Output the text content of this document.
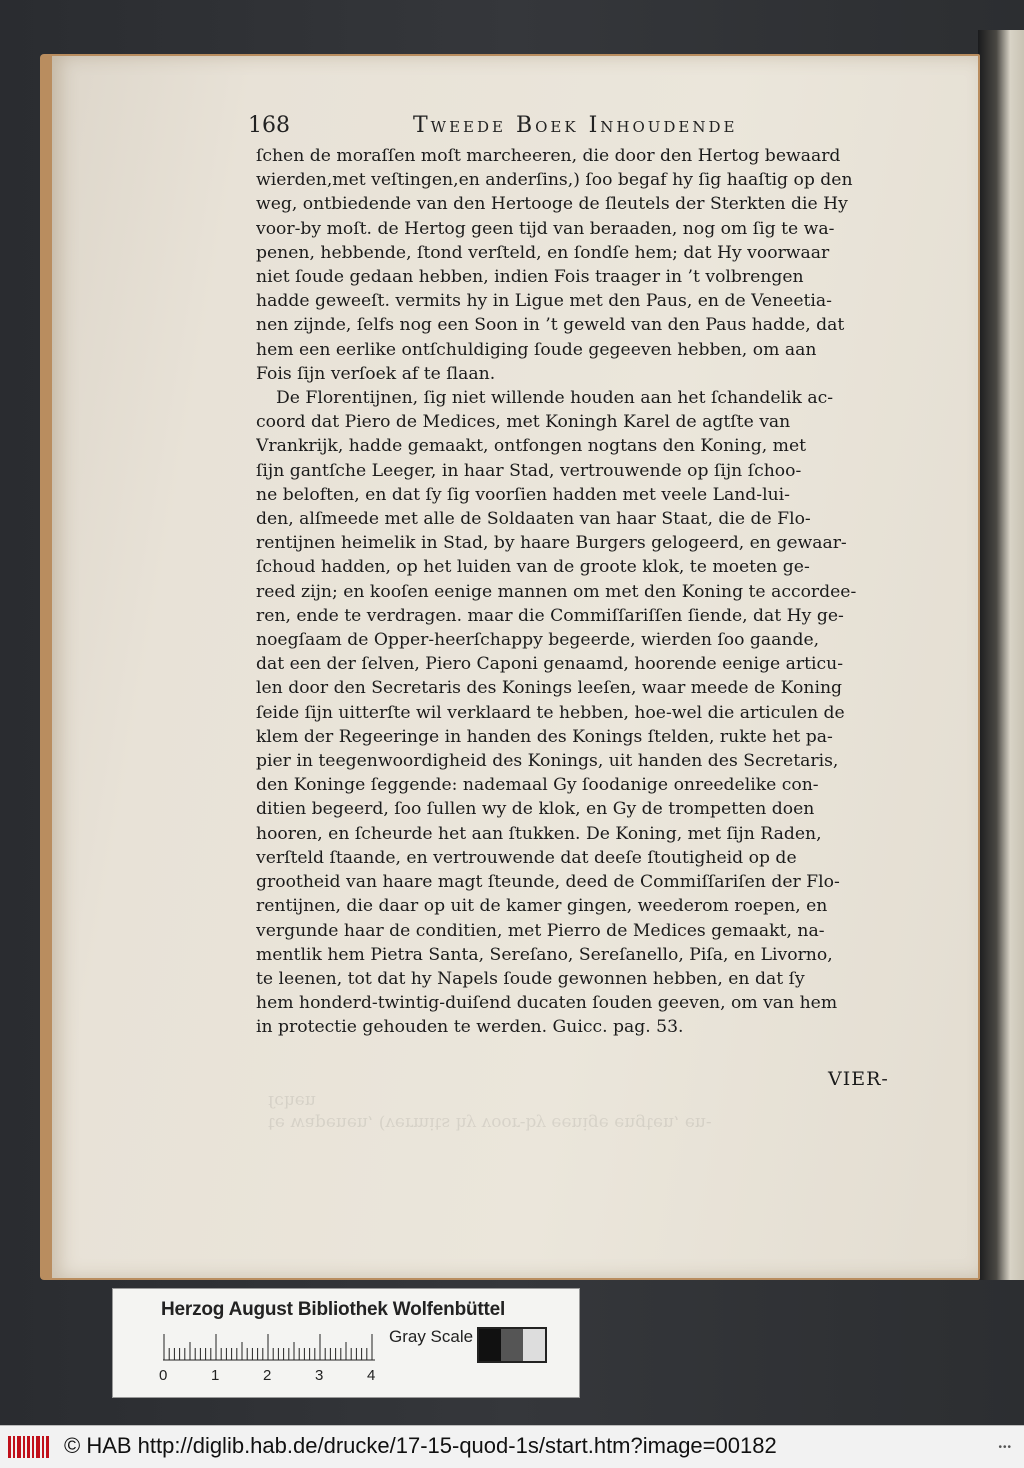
168	Tweede Boek Inhoudende
ſchen de moraſſen moſt marcheeren, die door den Hertog bewaard
wierden,met veſtingen,en anderſins,) ſoo begaf hy ſig haaſtig op den
weg, ontbiedende van den Hertooge de ſleutels der Sterkten die Hy
voor-by moſt. de Hertog geen tijd van beraaden, nog om ſig te wa-
penen, hebbende, ſtond verſteld, en ſondſe hem; dat Hy voorwaar
niet ſoude gedaan hebben, indien Fois traager in ’t volbrengen
hadde geweeſt. vermits hy in Ligue met den Paus, en de Veneetia-
nen zijnde, ſelfs nog een Soon in ’t geweld van den Paus hadde, dat
hem een eerlike ontſchuldiging ſoude gegeeven hebben, om aan
Fois ſijn verſoek af te ſlaan.
De Florentijnen, ſig niet willende houden aan het ſchandelik ac-
coord dat Piero de Medices, met Koningh Karel de agtſte van
Vrankrijk, hadde gemaakt, ontfongen nogtans den Koning, met
ſijn gantſche Leeger, in haar Stad, vertrouwende op ſijn ſchoo-
ne beloften, en dat ſy ſig voorſien hadden met veele Land-lui-
den, alſmeede met alle de Soldaaten van haar Staat, die de Flo-
rentijnen heimelik in Stad, by haare Burgers gelogeerd, en gewaar-
ſchoud hadden, op het luiden van de groote klok, te moeten ge-
reed zijn; en kooſen eenige mannen om met den Koning te accordee-
ren, ende te verdragen. maar die Commiſſariſſen ſiende, dat Hy ge-
noegſaam de Opper-heerſchappy begeerde, wierden ſoo gaande,
dat een der ſelven, Piero Caponi genaamd, hoorende eenige articu-
len door den Secretaris des Konings leeſen, waar meede de Koning
ſeide ſijn uitterſte wil verklaard te hebben, hoe-wel die articulen de
klem der Regeeringe in handen des Konings ſtelden, rukte het pa-
pier in teegenwoordigheid des Konings, uit handen des Secretaris,
den Koninge ſeggende: nademaal Gy ſoodanige onreedelike con-
ditien begeerd, ſoo ſullen wy de klok, en Gy de trompetten doen
hooren, en ſcheurde het aan ſtukken. De Koning, met ſijn Raden,
verſteld ſtaande, en vertrouwende dat deeſe ſtoutigheid op de
grootheid van haare magt ſteunde, deed de Commiſſariſen der Flo-
rentijnen, die daar op uit de kamer gingen, weederom roepen, en
vergunde haar de conditien, met Pierro de Medices gemaakt, na-
mentlik hem Pietra Santa, Sereſano, Sereſanello, Piſa, en Livorno,
te leenen, tot dat hy Napels ſoude gewonnen hebben, en dat ſy
hem honderd-twintig-duiſend ducaten ſouden geeven, om van hem
in protectie gehouden te werden. Guicc. pag. 53.
VIER-
Herzog August Bibliothek Wolfenbüttel
0	1	2	3	4
Gray Scale
© HAB http://diglib.hab.de/drucke/17-15-quod-1s/start.htm?image=00182	•••
